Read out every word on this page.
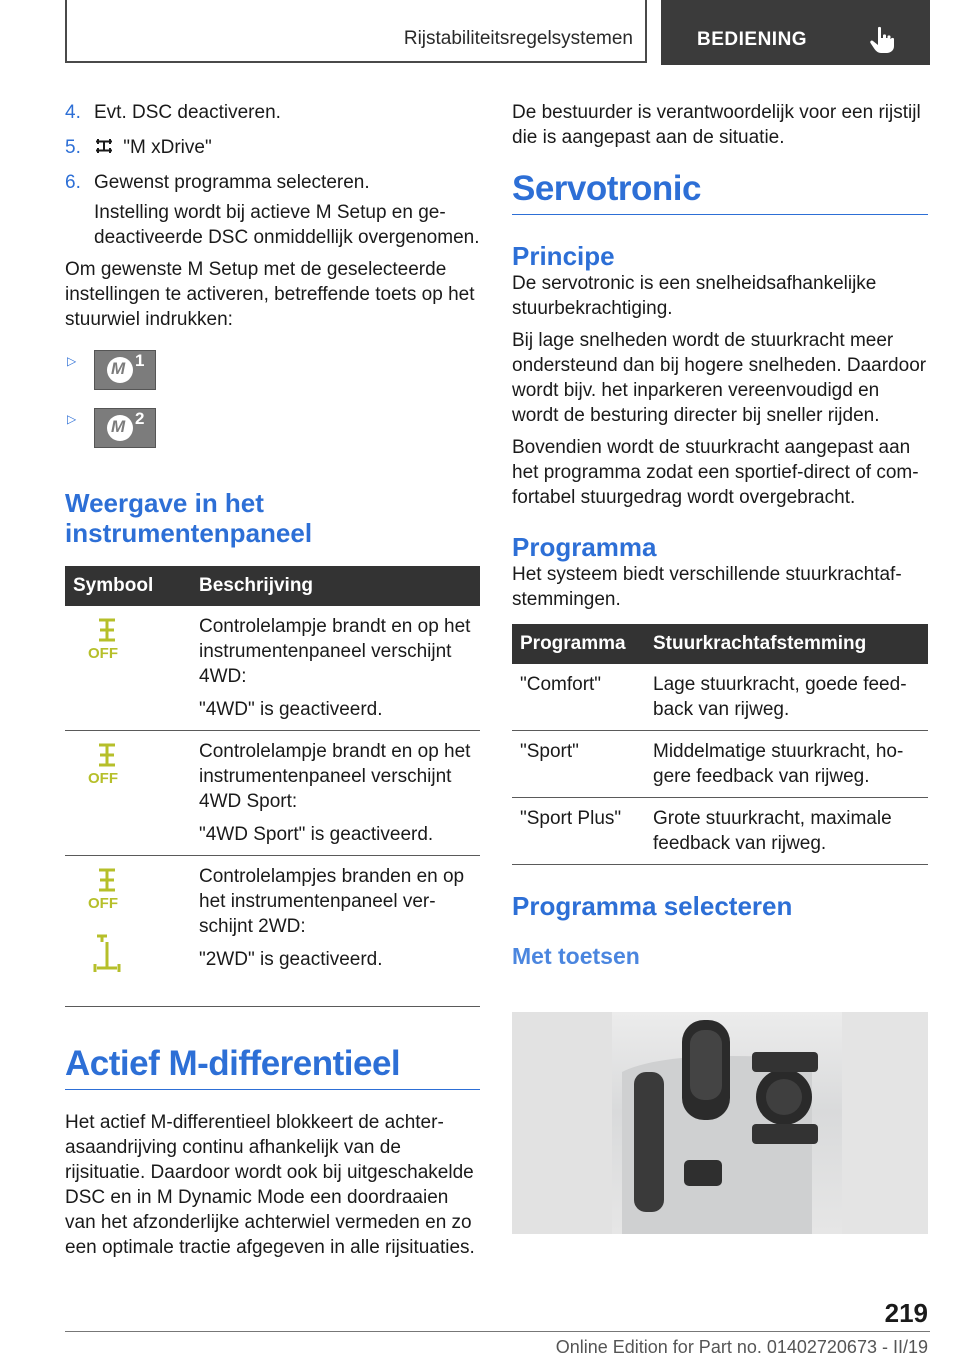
Rijstabiliteitsregelsystemen	BEDIENING
4. Evt. DSC deactiveren.
5. "M xDrive"
6. Gewenst programma selecteren.

Instelling wordt bij actieve M Setup en gedeactiveerde DSC onmiddellijk overgenomen.

Om gewenste M Setup met de geselecteerde instellingen te activeren, betreffende toets op het stuurwiel indrukken:

▷ M 1
▷ M 2
Weergave in het instrumentenpaneel
Symbool	Beschrijving

OFF	Controlelampje brandt en op het instrumentenpaneel verschijnt 4WD:

"4WD" is geactiveerd.

OFF	Controlelampje brandt en op het instrumentenpaneel verschijnt 4WD Sport:

"4WD Sport" is geactiveerd.

OFF	Controlelampjes branden en op het instrumentenpaneel verschijnt 2WD:

"2WD" is geactiveerd.

Actief M-differentieel

Het actief M-differentieel blokkeert de achterasaandrijving continu afhankelijk van de rijsituatie. Daardoor wordt ook bij uitgeschakelde DSC en in M Dynamic Mode een doordraaien van het afzonderlijke achterwiel vermeden en zo een optimale tractie afgegeven in alle rijsituaties.

De bestuurder is verantwoordelijk voor een rijstijl die is aangepast aan de situatie.

Servotronic
Principe

De servotronic is een snelheidsafhankelijke stuurbekrachtiging.

Bij lage snelheden wordt de stuurkracht meer ondersteund dan bij hogere snelheden. Daardoor wordt bijv. het inparkeren vereenvoudigd en wordt de besturing directer bij sneller rijden.

Bovendien wordt de stuurkracht aangepast aan het programma zodat een sportief-direct of comfortabel stuurgedrag wordt overgebracht.

Programma

Het systeem biedt verschillende stuurkrachtafstemmingen.

Programma	Stuurkrachtafstemming
"Comfort"	Lage stuurkracht, goede feedback van rijweg.
"Sport"	Middelmatige stuurkracht, hogere feedback van rijweg.
"Sport Plus"	Grote stuurkracht, maximale feedback van rijweg.
Programma selecteren
Met toetsen
219
Online Edition for Part no. 01402720673 - II/19
